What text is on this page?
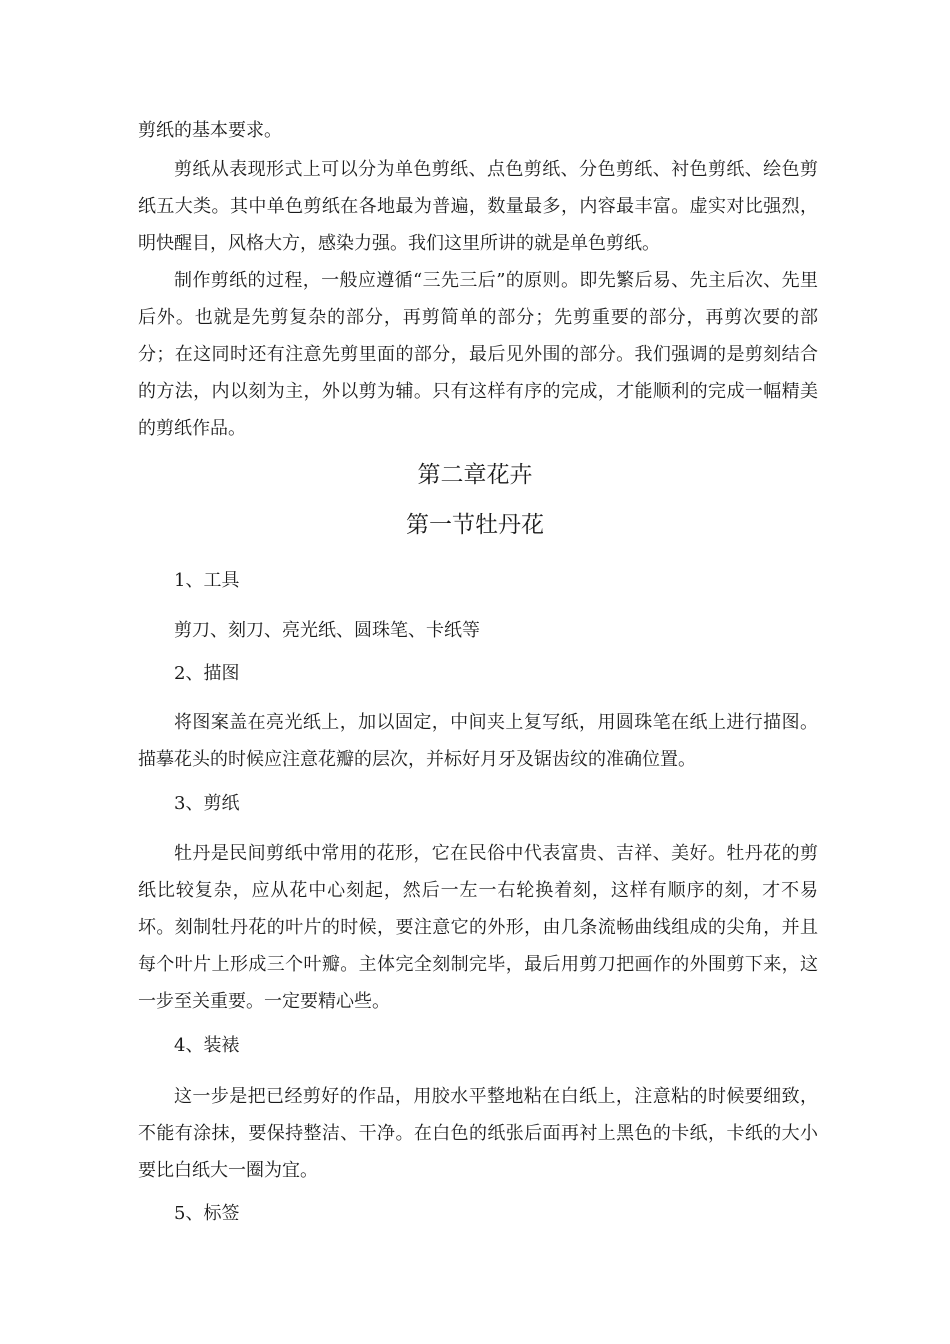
剪纸的基本要求。

剪纸从表现形式上可以分为单色剪纸、点色剪纸、分色剪纸、衬色剪纸、绘色剪纸五大类。其中单色剪纸在各地最为普遍，数量最多，内容最丰富。虚实对比强烈，明快醒目，风格大方，感染力强。我们这里所讲的就是单色剪纸。

制作剪纸的过程，一般应遵循“三先三后”的原则。即先繁后易、先主后次、先里后外。也就是先剪复杂的部分，再剪简单的部分；先剪重要的部分，再剪次要的部分；在这同时还有注意先剪里面的部分，最后见外围的部分。我们强调的是剪刻结合的方法，内以刻为主，外以剪为辅。只有这样有序的完成，才能顺利的完成一幅精美的剪纸作品。

第二章花卉
第一节牡丹花

1、工具

剪刀、刻刀、亮光纸、圆珠笔、卡纸等

2、描图

将图案盖在亮光纸上，加以固定，中间夹上复写纸，用圆珠笔在纸上进行描图。描摹花头的时候应注意花瓣的层次，并标好月牙及锯齿纹的准确位置。

3、剪纸

牡丹是民间剪纸中常用的花形，它在民俗中代表富贵、吉祥、美好。牡丹花的剪纸比较复杂，应从花中心刻起，然后一左一右轮换着刻，这样有顺序的刻，才不易坏。刻制牡丹花的叶片的时候，要注意它的外形，由几条流畅曲线组成的尖角，并且每个叶片上形成三个叶瓣。主体完全刻制完毕，最后用剪刀把画作的外围剪下来，这一步至关重要。一定要精心些。

4、装裱

这一步是把已经剪好的作品，用胶水平整地粘在白纸上，注意粘的时候要细致，不能有涂抹，要保持整洁、干净。在白色的纸张后面再衬上黑色的卡纸，卡纸的大小要比白纸大一圈为宜。

5、标签
